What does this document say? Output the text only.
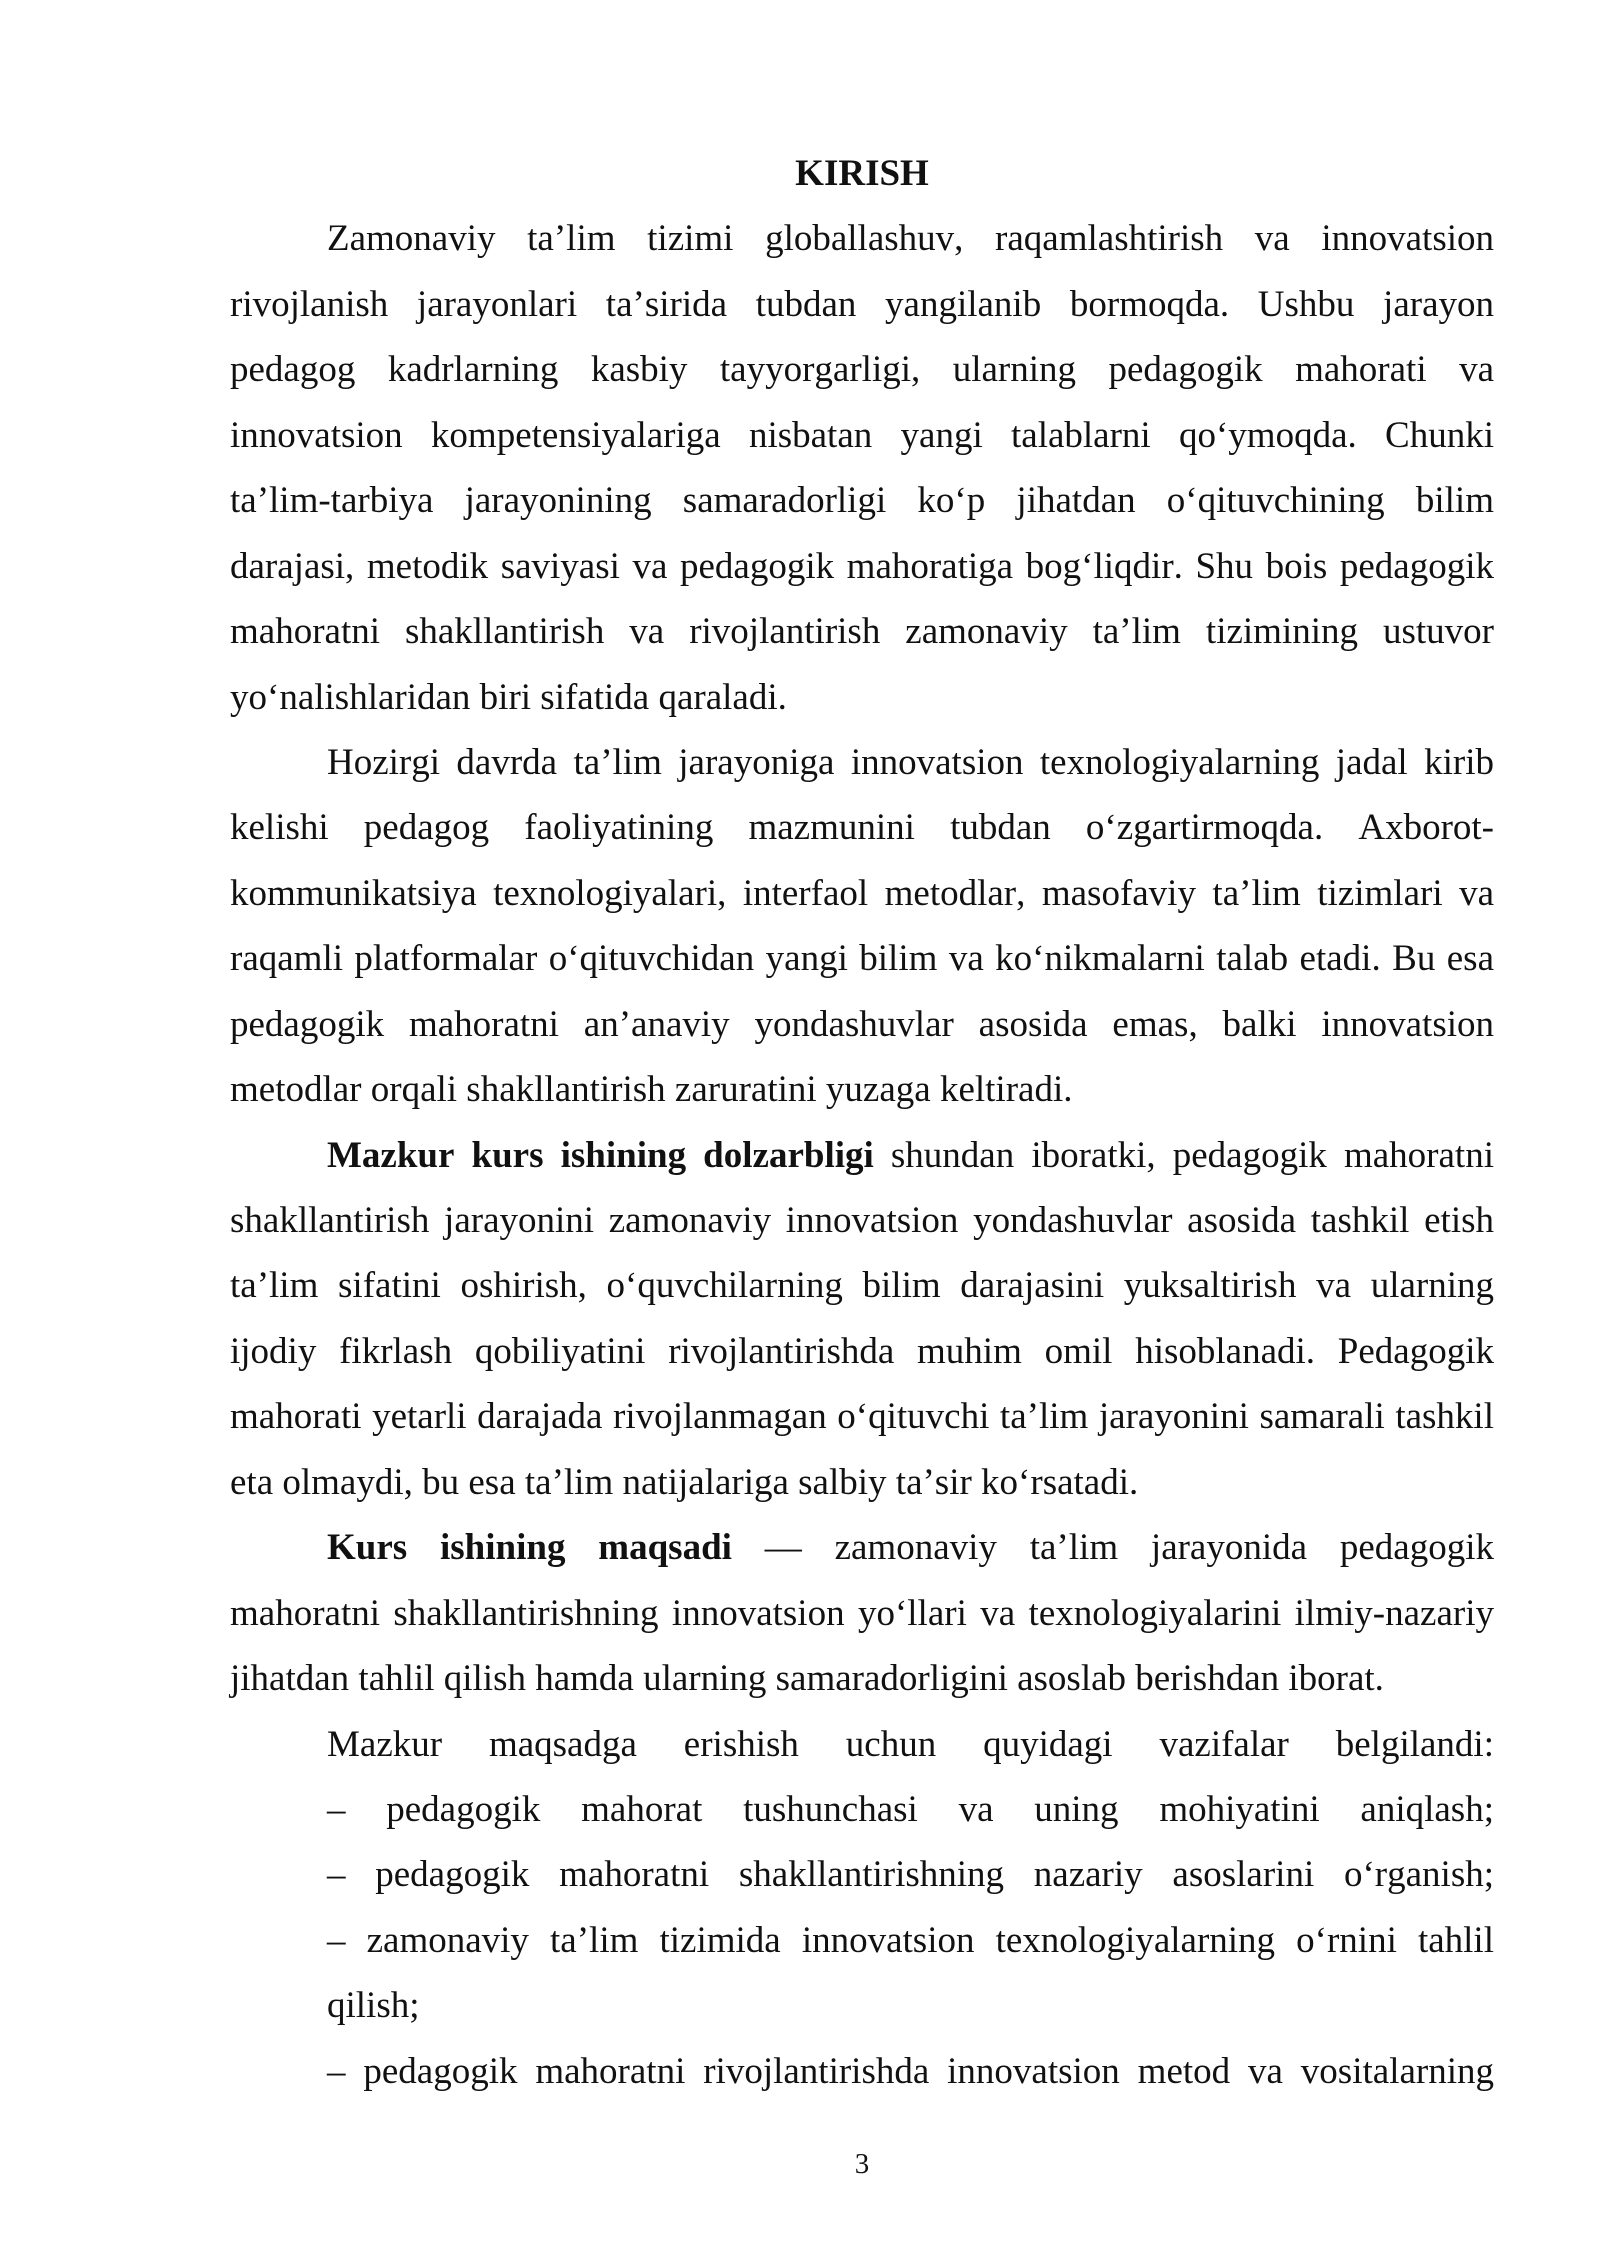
KIRISH
Zamonaviy ta’lim tizimi globallashuv, raqamlashtirish va innovatsion
rivojlanish jarayonlari ta’sirida tubdan yangilanib bormoqda. Ushbu jarayon
pedagog kadrlarning kasbiy tayyorgarligi, ularning pedagogik mahorati va
innovatsion kompetensiyalariga nisbatan yangi talablarni qo‘ymoqda. Chunki
ta’lim-tarbiya jarayonining samaradorligi ko‘p jihatdan o‘qituvchining bilim
darajasi, metodik saviyasi va pedagogik mahoratiga bog‘liqdir. Shu bois pedagogik
mahoratni shakllantirish va rivojlantirish zamonaviy ta’lim tizimining ustuvor
yo‘nalishlaridan biri sifatida qaraladi.
Hozirgi davrda ta’lim jarayoniga innovatsion texnologiyalarning jadal kirib
kelishi pedagog faoliyatining mazmunini tubdan o‘zgartirmoqda. Axborot-
kommunikatsiya texnologiyalari, interfaol metodlar, masofaviy ta’lim tizimlari va
raqamli platformalar o‘qituvchidan yangi bilim va ko‘nikmalarni talab etadi. Bu esa
pedagogik mahoratni an’anaviy yondashuvlar asosida emas, balki innovatsion
metodlar orqali shakllantirish zaruratini yuzaga keltiradi.
Mazkur kurs ishining dolzarbligi shundan iboratki, pedagogik mahoratni
shakllantirish jarayonini zamonaviy innovatsion yondashuvlar asosida tashkil etish
ta’lim sifatini oshirish, o‘quvchilarning bilim darajasini yuksaltirish va ularning
ijodiy fikrlash qobiliyatini rivojlantirishda muhim omil hisoblanadi. Pedagogik
mahorati yetarli darajada rivojlanmagan o‘qituvchi ta’lim jarayonini samarali tashkil
eta olmaydi, bu esa ta’lim natijalariga salbiy ta’sir ko‘rsatadi.
Kurs ishining maqsadi — zamonaviy ta’lim jarayonida pedagogik
mahoratni shakllantirishning innovatsion yo‘llari va texnologiyalarini ilmiy-nazariy
jihatdan tahlil qilish hamda ularning samaradorligini asoslab berishdan iborat.
Mazkur maqsadga erishish uchun quyidagi vazifalar belgilandi:
– pedagogik mahorat tushunchasi va uning mohiyatini aniqlash;
– pedagogik mahoratni shakllantirishning nazariy asoslarini o‘rganish;
– zamonaviy ta’lim tizimida innovatsion texnologiyalarning o‘rnini tahlil
qilish;
– pedagogik mahoratni rivojlantirishda innovatsion metod va vositalarning
3
